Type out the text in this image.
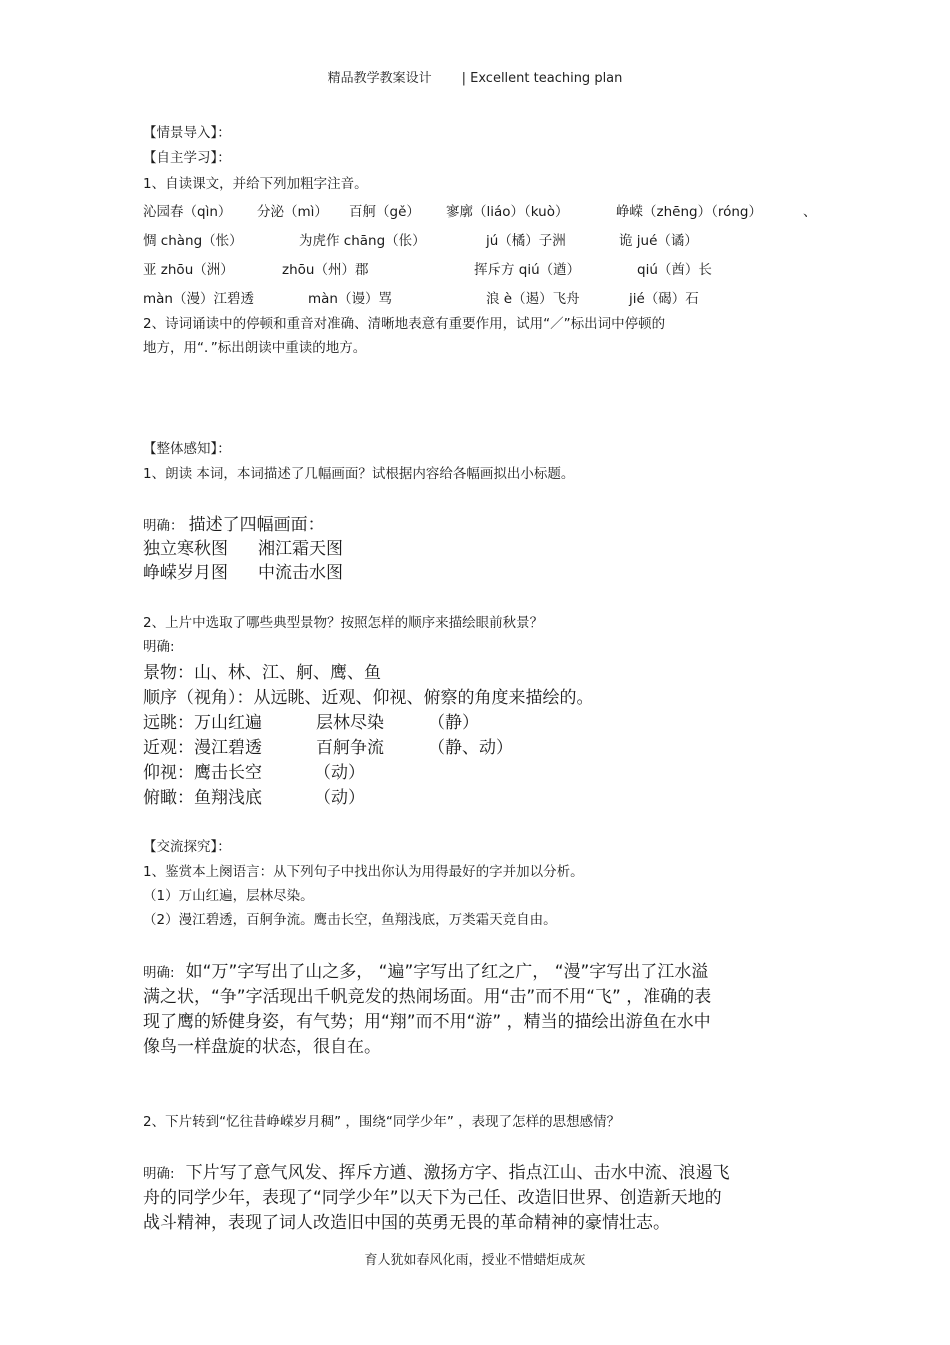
精品教学教案设计 | Excellent teaching plan
【情景导入】：
【自主学习】：
1、自读课文，并给下列加粗字注音。
沁园春（qìn） 分泌（mì） 百舸（gě） 寥廓（liáo）（kuò）	峥嵘（zhēng）（róng）	、
惆 chàng（怅）	为虎作 chāng（伥）	jú（橘）子洲	诡 jué（谲）
亚 zhōu（洲）	zhōu（州）郡	挥斥方 qiú（遒）	qiú（酋）长
màn（漫）江碧透	màn（谩）骂	浪 è（遏）飞舟	jié（碣）石
2、诗词诵读中的停顿和重音对准确、清晰地表意有重要作用，试用“／”标出词中停顿的
地方，用“．”标出朗读中重读的地方。
【整体感知】：
1、朗读 本词，本词描述了几幅画面？试根据内容给各幅画拟出小标题。
明确： 描述了四幅画面：
独立寒秋图 湘江霜天图
峥嵘岁月图 中流击水图
2、上片中选取了哪些典型景物？按照怎样的顺序来描绘眼前秋景？
明确:
景物：山、林、江、舸、鹰、鱼
顺序（视角）：从远眺、近观、仰视、俯察的角度来描绘的。
远眺：万山红遍	层林尽染	（静）
近观：漫江碧透	百舸争流	（静、动）
仰视：鹰击长空	（动）
俯瞰：鱼翔浅底	（动）
【交流探究】：
1、鉴赏本上阕语言：从下列句子中找出你认为用得最好的字并加以分析。
（1）万山红遍，层林尽染。
（2）漫江碧透，百舸争流。鹰击长空，鱼翔浅底，万类霜天竞自由。
明确: 如“万”字写出了山之多， “遍”字写出了红之广， “漫”字写出了江水溢
满之状，“争”字活现出千帆竞发的热闹场面。用“击”而不用“飞” ，准确的表
现了鹰的矫健身姿，有气势；用“翔”而不用“游” ，精当的描绘出游鱼在水中
像鸟一样盘旋的状态，很自在。
2、下片转到“忆往昔峥嵘岁月稠” ，围绕“同学少年” ，表现了怎样的思想感情？
明确: 下片写了意气风发、挥斥方遒、激扬方字、指点江山、击水中流、浪遏飞
舟的同学少年，表现了“同学少年”以天下为己任、改造旧世界、创造新天地的
战斗精神，表现了词人改造旧中国的英勇无畏的革命精神的豪情壮志。
育人犹如春风化雨，授业不惜蜡炬成灰
